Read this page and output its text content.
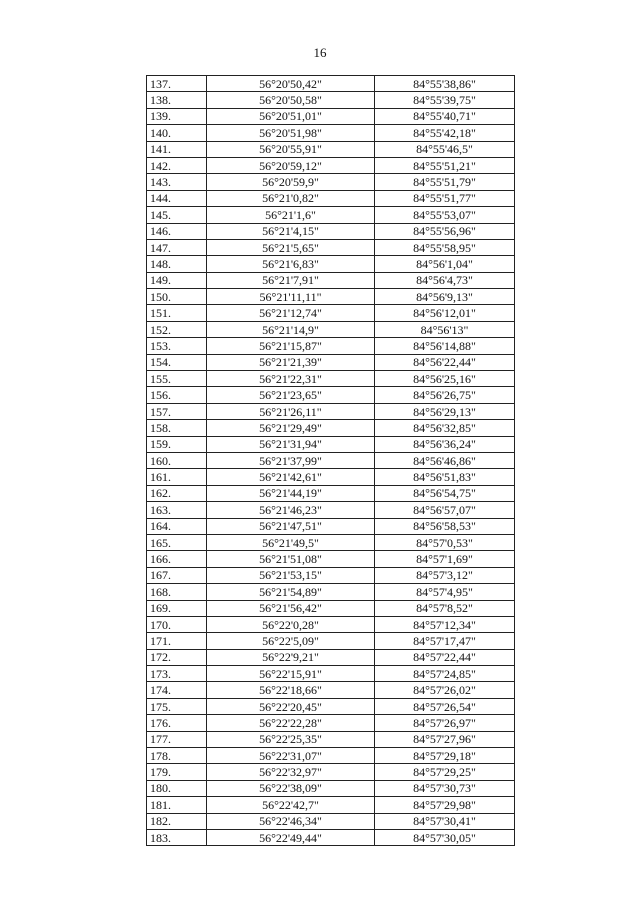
16
137.	56°20'50,42"	84°55'38,86"
138.	56°20'50,58"	84°55'39,75"
139.	56°20'51,01"	84°55'40,71"
140.	56°20'51,98"	84°55'42,18"
141.	56°20'55,91"	84°55'46,5"
142.	56°20'59,12"	84°55'51,21"
143.	56°20'59,9"	84°55'51,79"
144.	56°21'0,82"	84°55'51,77"
145.	56°21'1,6"	84°55'53,07"
146.	56°21'4,15"	84°55'56,96"
147.	56°21'5,65"	84°55'58,95"
148.	56°21'6,83"	84°56'1,04"
149.	56°21'7,91"	84°56'4,73"
150.	56°21'11,11"	84°56'9,13"
151.	56°21'12,74"	84°56'12,01"
152.	56°21'14,9"	84°56'13"
153.	56°21'15,87"	84°56'14,88"
154.	56°21'21,39"	84°56'22,44"
155.	56°21'22,31"	84°56'25,16"
156.	56°21'23,65"	84°56'26,75"
157.	56°21'26,11"	84°56'29,13"
158.	56°21'29,49"	84°56'32,85"
159.	56°21'31,94"	84°56'36,24"
160.	56°21'37,99"	84°56'46,86"
161.	56°21'42,61"	84°56'51,83"
162.	56°21'44,19"	84°56'54,75"
163.	56°21'46,23"	84°56'57,07"
164.	56°21'47,51"	84°56'58,53"
165.	56°21'49,5"	84°57'0,53"
166.	56°21'51,08"	84°57'1,69"
167.	56°21'53,15"	84°57'3,12"
168.	56°21'54,89"	84°57'4,95"
169.	56°21'56,42"	84°57'8,52"
170.	56°22'0,28"	84°57'12,34"
171.	56°22'5,09"	84°57'17,47"
172.	56°22'9,21"	84°57'22,44"
173.	56°22'15,91"	84°57'24,85"
174.	56°22'18,66"	84°57'26,02"
175.	56°22'20,45"	84°57'26,54"
176.	56°22'22,28"	84°57'26,97"
177.	56°22'25,35"	84°57'27,96"
178.	56°22'31,07"	84°57'29,18"
179.	56°22'32,97"	84°57'29,25"
180.	56°22'38,09"	84°57'30,73"
181.	56°22'42,7"	84°57'29,98"
182.	56°22'46,34"	84°57'30,41"
183.	56°22'49,44"	84°57'30,05"
